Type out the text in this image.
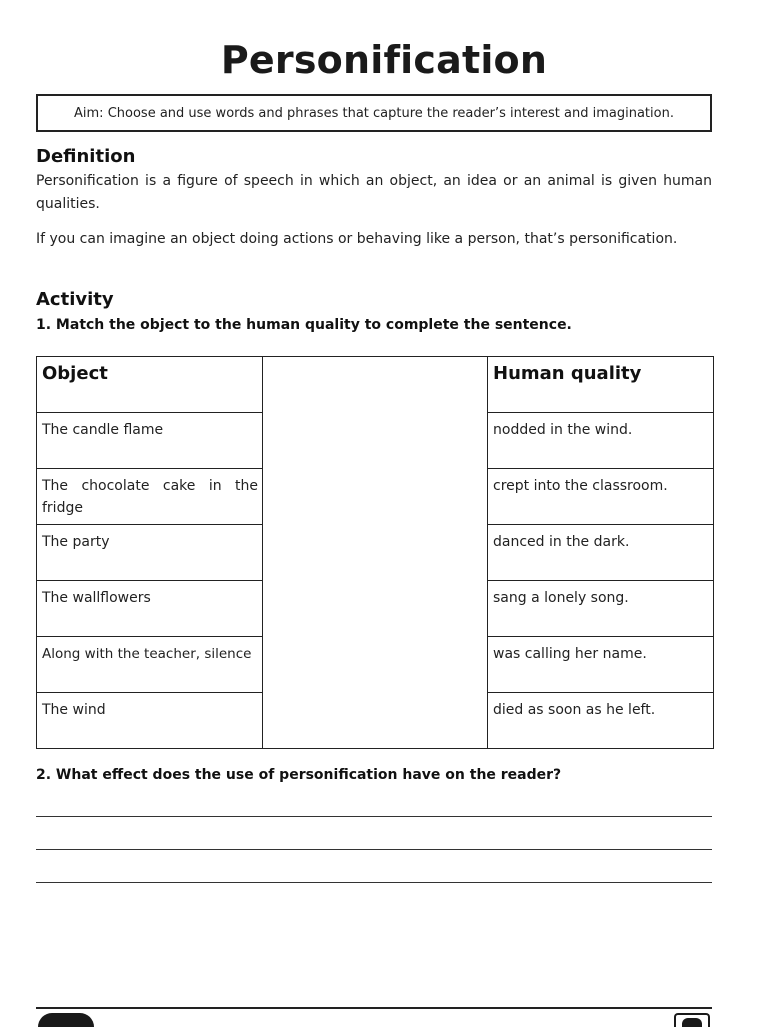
Personification
Aim: Choose and use words and phrases that capture the reader’s interest and imagination.
Definition
Personification is a figure of speech in which an object, an idea or an animal is given human qualities.
If you can imagine an object doing actions or behaving like a person, that’s personification.
Activity
1. Match the object to the human quality to complete the sentence.
Object		Human quality
The candle flame		nodded in the wind.
The chocolate cake in the fridge		crept into the classroom.
The party		danced in the dark.
The wallflowers		sang a lonely song.
Along with the teacher, silence		was calling her name.
The wind		died as soon as he left.
2. What effect does the use of personification have on the reader?
